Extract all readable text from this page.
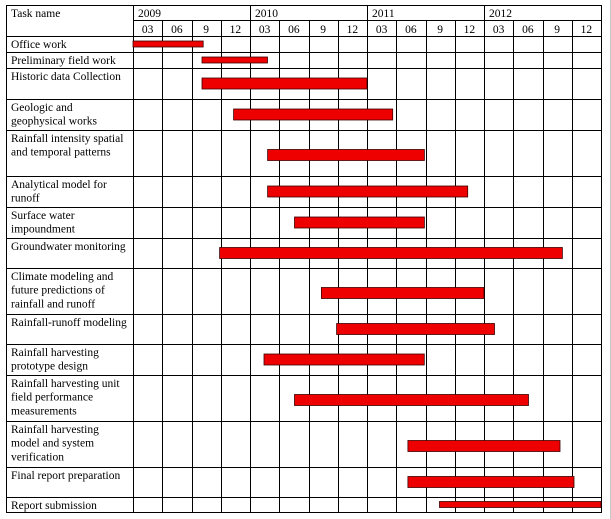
Task name	2009	2010	2011	2012
03 06 9 12 03 06 9 12 03 06 9 12 03 06 9 12
Office work
Preliminary field work
Historic data Collection
Geologic and geophysical works
Rainfall intensity spatial and temporal patterns
Analytical model for runoff
Surface water impoundment
Groundwater monitoring
Climate modeling and future predictions of rainfall and runoff
Rainfall-runoff modeling
Rainfall harvesting prototype design
Rainfall harvesting unit field performance measurements
Rainfall harvesting model and system verification
Final report preparation
Report submission
